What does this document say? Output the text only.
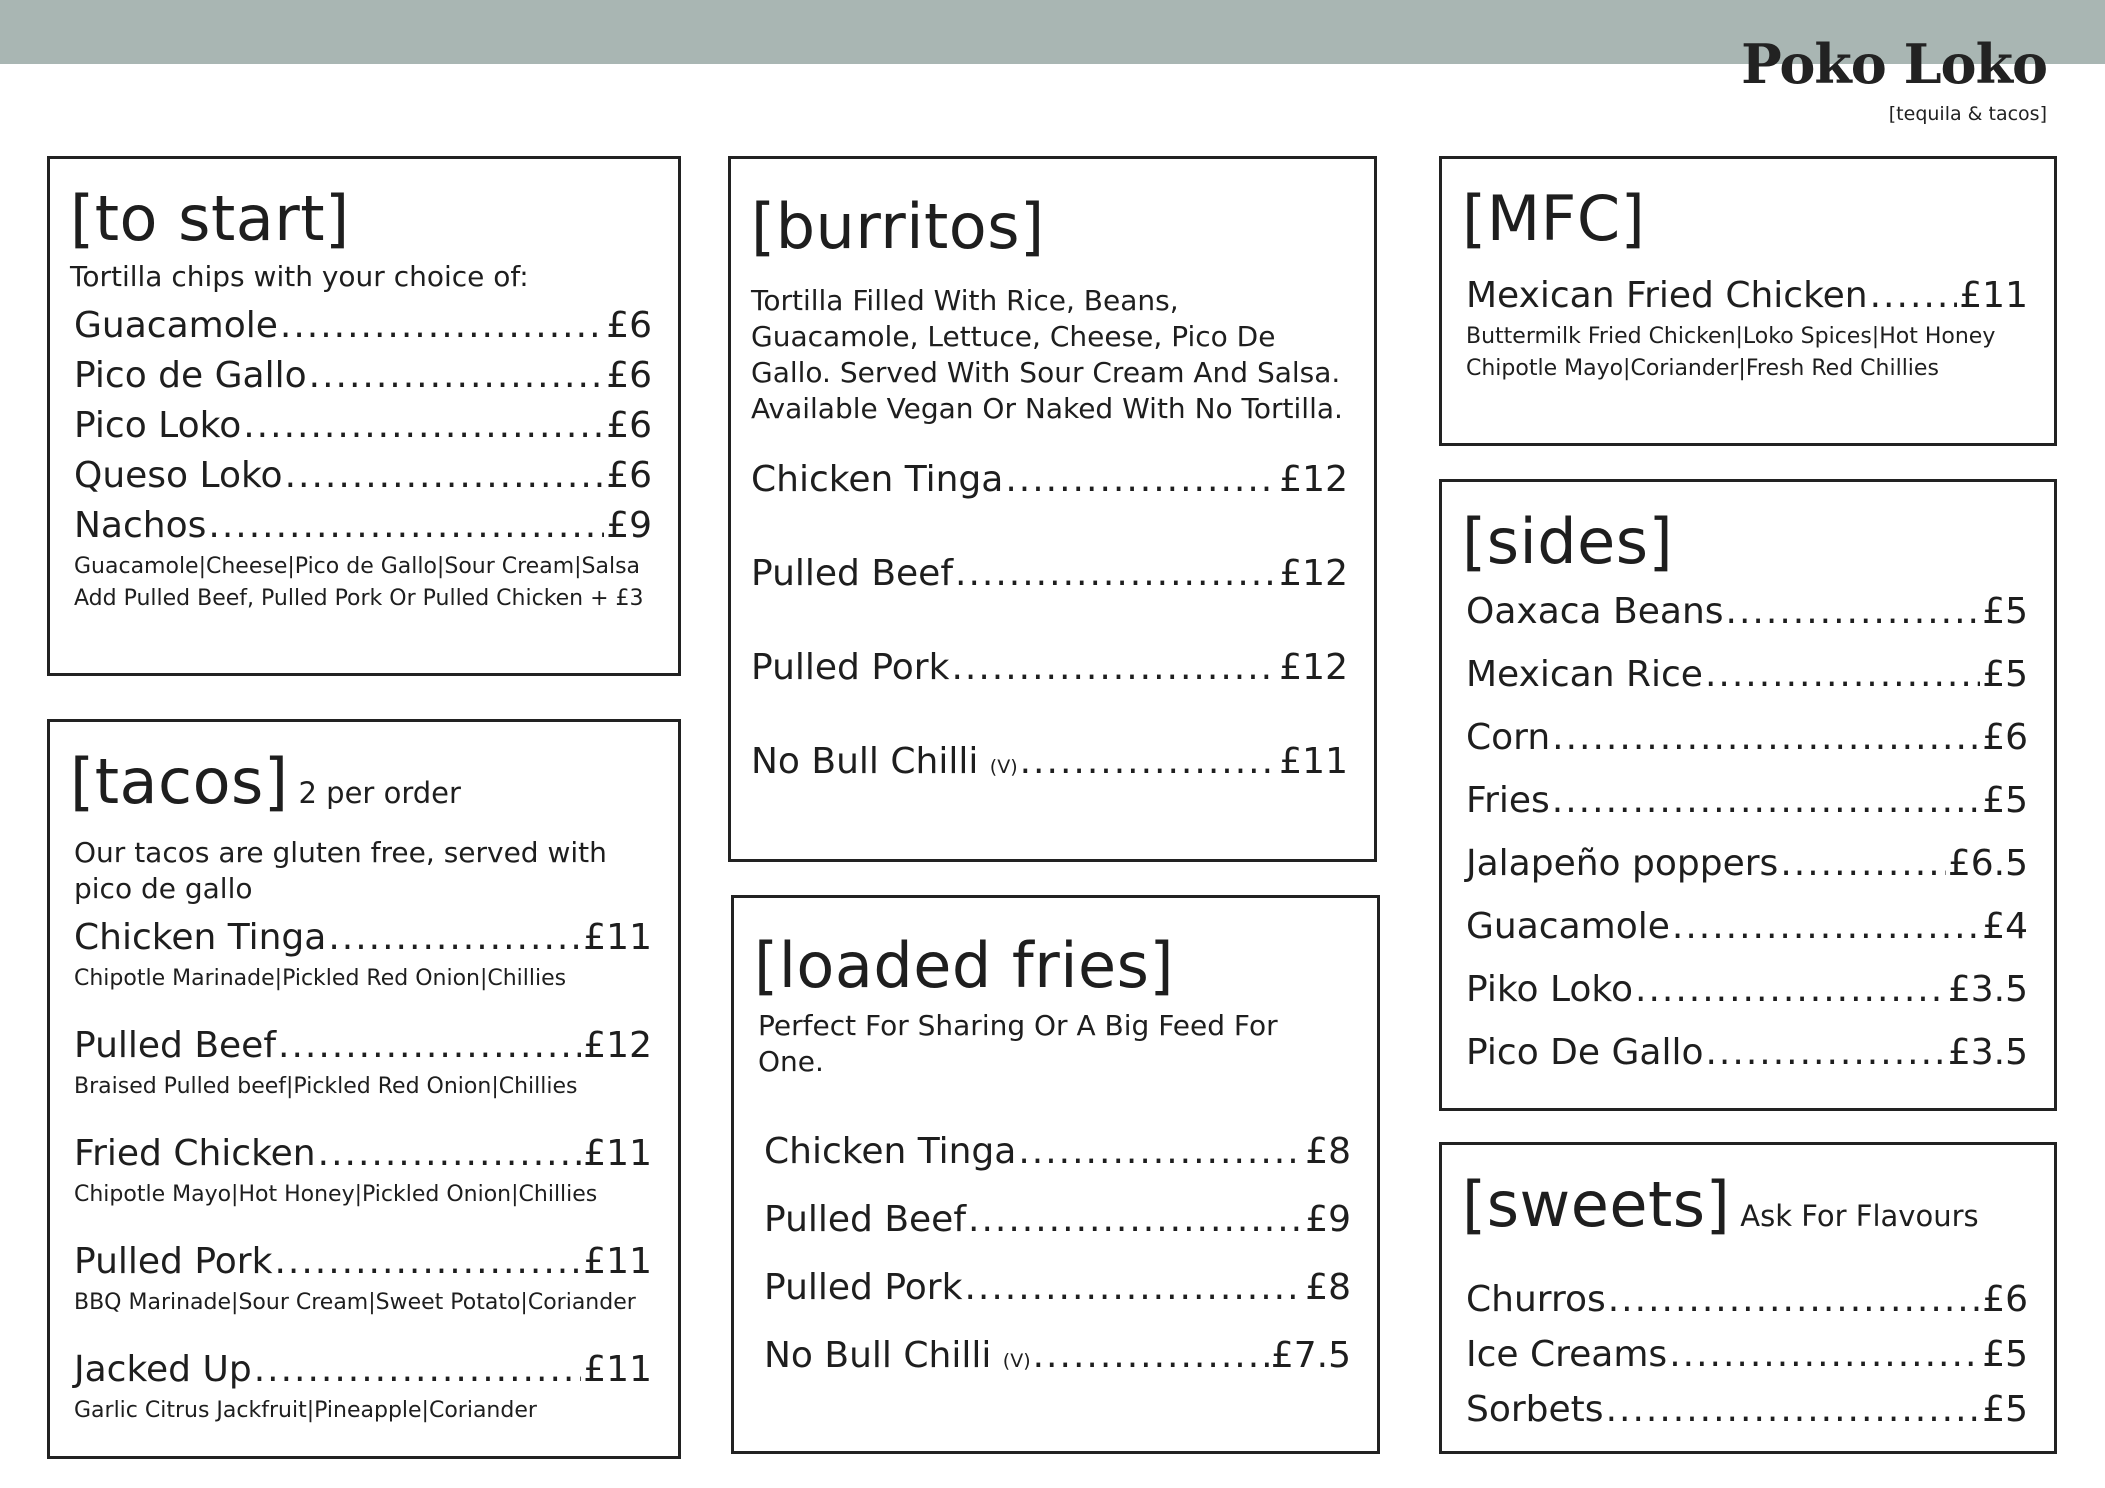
Poko Loko
[tequila & tacos]
[to start]
Tortilla chips with your choice of:
Guacamole .....	£6
Pico de Gallo .....	£6
Pico Loko .....	£6
Queso Loko .....	£6
Nachos .....	£9
Guacamole|Cheese|Pico de Gallo|Sour Cream|Salsa
Add Pulled Beef, Pulled Pork Or Pulled Chicken + £3
[tacos] 2 per order
Our tacos are gluten free, served with pico de gallo
Chicken Tinga .....	£11
Chipotle Marinade|Pickled Red Onion|Chillies
Pulled Beef .....	£12
Braised Pulled beef|Pickled Red Onion|Chillies
Fried Chicken .....	£11
Chipotle Mayo|Hot Honey|Pickled Onion|Chillies
Pulled Pork .....	£11
BBQ Marinade|Sour Cream|Sweet Potato|Coriander
Jacked Up .....	£11
Garlic Citrus Jackfruit|Pineapple|Coriander
[burritos]
Tortilla Filled With Rice, Beans, Guacamole, Lettuce, Cheese, Pico De Gallo. Served With Sour Cream And Salsa. Available Vegan Or Naked With No Tortilla.
Chicken Tinga .....	£12
Pulled Beef .....	£12
Pulled Pork .....	£12
No Bull Chilli (V) .....	£11
[loaded fries]
Perfect For Sharing Or A Big Feed For One.
Chicken Tinga .....	£8
Pulled Beef .....	£9
Pulled Pork .....	£8
No Bull Chilli (V) .....	£7.5
[MFC]
Mexican Fried Chicken .....	£11
Buttermilk Fried Chicken|Loko Spices|Hot Honey
Chipotle Mayo|Coriander|Fresh Red Chillies
[sides]
Oaxaca Beans .....	£5
Mexican Rice .....	£5
Corn .....	£6
Fries .....	£5
Jalapeño poppers .....	£6.5
Guacamole .....	£4
Piko Loko .....	£3.5
Pico De Gallo .....	£3.5
[sweets] Ask For Flavours
Churros .....	£6
Ice Creams .....	£5
Sorbets .....	£5
